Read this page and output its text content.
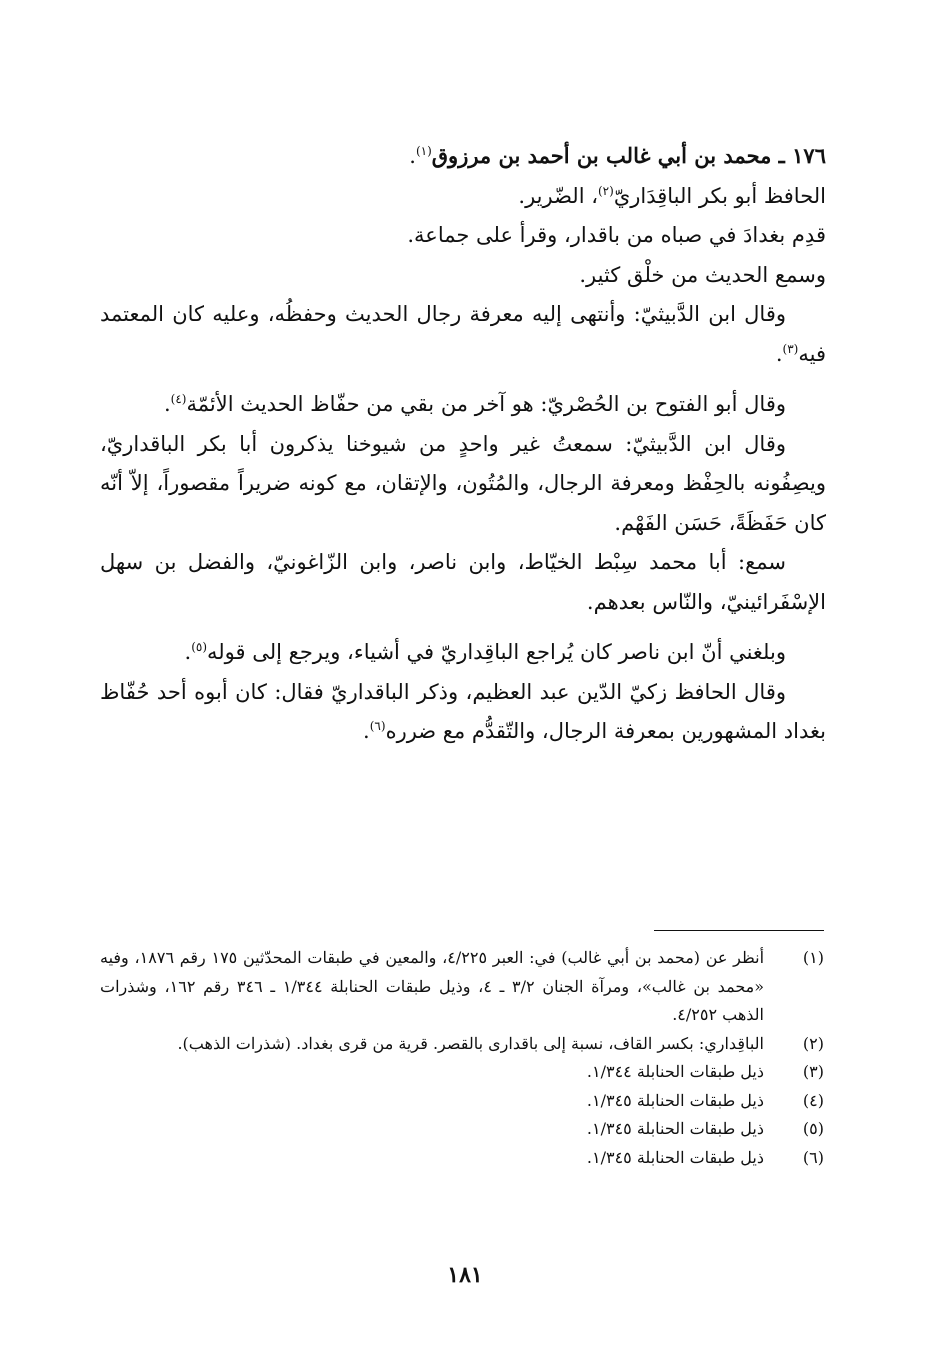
١٧٦ ـ محمد بن أبي غالب بن أحمد بن مرزوق$^{(١)}$.

الحافظ أبو بكر الباقِدَاريّ$^{(٢)}$، الضّرير.

قدِم بغدادَ في صباه من باقدار، وقرأ على جماعة.

وسمع الحديث من خلْق كثير.

وقال ابن الدَّبيثيّ: وأنتهى إليه معرفة رجال الحديث وحفظُه، وعليه كان المعتمد فيه$^{(٣)}$.

وقال أبو الفتوح بن الحُصْريّ: هو آخر من بقي من حفّاظ الحديث الأئمّة$^{(٤)}$.

وقال ابن الدَّبيثيّ: سمعتُ غير واحدٍ من شيوخنا يذكرون أبا بكر الباقداريّ، ويصِفُونه بالحِفْظ ومعرفة الرجال، والمُتُون، والإتقان، مع كونه ضريراً مقصوراً، إلاّ أنّه كان حَفَظَةً، حَسَن الفَهْم.

سمع: أبا محمد سِبْط الخيّاط، وابن ناصر، وابن الزّاغونيّ، والفضل بن سهل الإسْفَرائينيّ، والنّاس بعدهم.

وبلغني أنّ ابن ناصر كان يُراجع الباقِداريّ في أشياء، ويرجع إلى قوله$^{(٥)}$.

وقال الحافظ زكيّ الدّين عبد العظيم، وذكر الباقداريّ فقال: كان أبوه أحد حُفّاظ بغداد المشهورين بمعرفة الرجال، والتّقدُّم مع ضرره$^{(٦)}$.

(١)
أنظر عن (محمد بن أبي غالب) في: العبر ٤/٢٢٥، والمعين في طبقات المحدّثين ١٧٥ رقم ١٨٧٦، وفيه «محمد بن غالب»، ومرآة الجنان ٣/٢ ـ ٤، وذيل طبقات الحنابلة ١/٣٤٤ ـ ٣٤٦ رقم ١٦٢، وشذرات الذهب ٤/٢٥٢.
(٢)
الباقِداري: بكسر القاف، نسبة إلى باقدارى بالقصر. قرية من قرى بغداد. (شذرات الذهب).
(٣)
ذيل طبقات الحنابلة ١/٣٤٤.
(٤)
ذيل طبقات الحنابلة ١/٣٤٥.
(٥)
ذيل طبقات الحنابلة ١/٣٤٥.
(٦)
ذيل طبقات الحنابلة ١/٣٤٥.
١٨١
